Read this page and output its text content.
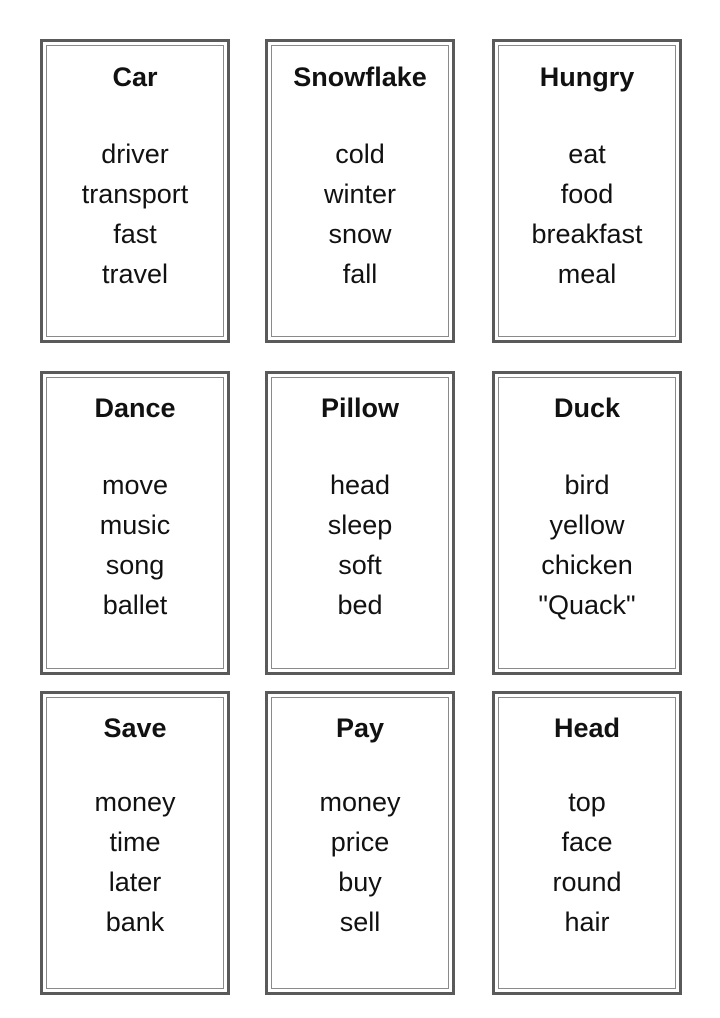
Car
driver
transport
fast
travel
Snowflake
cold
winter
snow
fall
Hungry
eat
food
breakfast
meal
Dance
move
music
song
ballet
Pillow
head
sleep
soft
bed
Duck
bird
yellow
chicken
"Quack"
Save
money
time
later
bank
Pay
money
price
buy
sell
Head
top
face
round
hair
